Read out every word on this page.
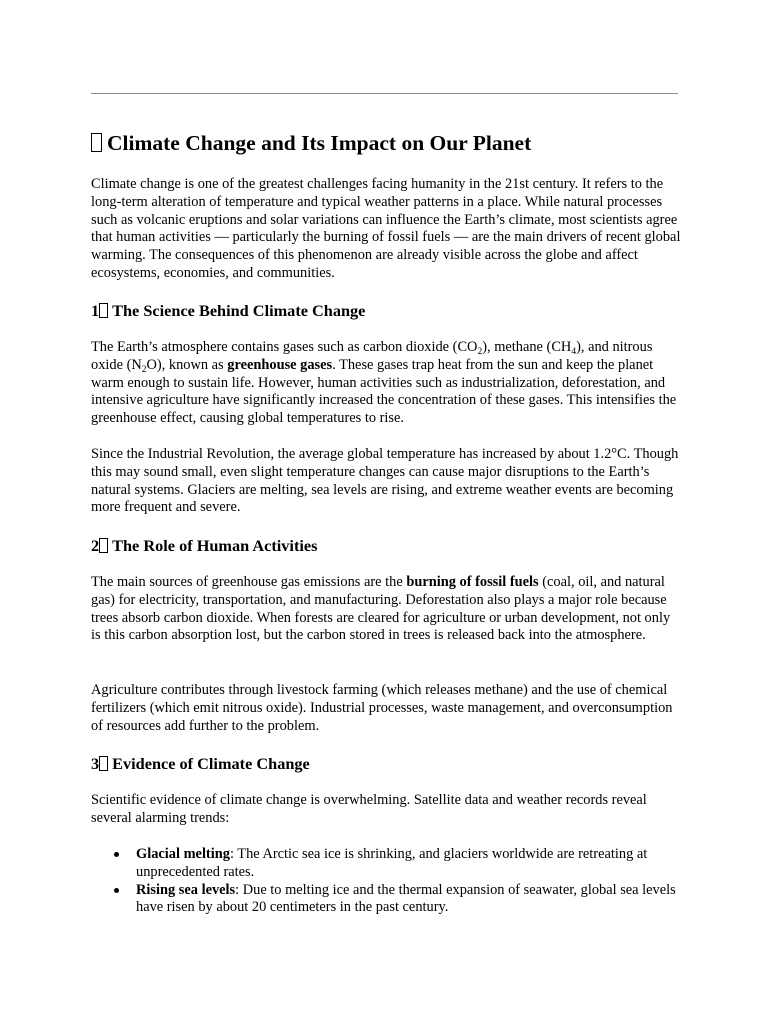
Climate Change and Its Impact on Our Planet

Climate change is one of the greatest challenges facing humanity in the 21st century. It refers to the long-term alteration of temperature and typical weather patterns in a place. While natural processes such as volcanic eruptions and solar variations can influence the Earth’s climate, most scientists agree that human activities — particularly the burning of fossil fuels — are the main drivers of recent global warming. The consequences of this phenomenon are already visible across the globe and affect ecosystems, economies, and communities.

1 The Science Behind Climate Change

The Earth’s atmosphere contains gases such as carbon dioxide $(CO_2)$, methane $(CH_4)$, and nitrous oxide $(N_2O)$, known as greenhouse gases. These gases trap heat from the sun and keep the planet warm enough to sustain life. However, human activities such as industrialization, deforestation, and intensive agriculture have significantly increased the concentration of these gases. This intensifies the greenhouse effect, causing global temperatures to rise.

Since the Industrial Revolution, the average global temperature has increased by about 1.2°C. Though this may sound small, even slight temperature changes can cause major disruptions to the Earth’s natural systems. Glaciers are melting, sea levels are rising, and extreme weather events are becoming more frequent and severe.

2 The Role of Human Activities

The main sources of greenhouse gas emissions are the burning of fossil fuels (coal, oil, and natural gas) for electricity, transportation, and manufacturing. Deforestation also plays a major role because trees absorb carbon dioxide. When forests are cleared for agriculture or urban development, not only is this carbon absorption lost, but the carbon stored in trees is released back into the atmosphere.

Agriculture contributes through livestock farming (which releases methane) and the use of chemical fertilizers (which emit nitrous oxide). Industrial processes, waste management, and overconsumption of resources add further to the problem.

3 Evidence of Climate Change

Scientific evidence of climate change is overwhelming. Satellite data and weather records reveal several alarming trends:

Glacial melting: The Arctic sea ice is shrinking, and glaciers worldwide are retreating at unprecedented rates.
Rising sea levels: Due to melting ice and the thermal expansion of seawater, global sea levels have risen by about 20 centimeters in the past century.
